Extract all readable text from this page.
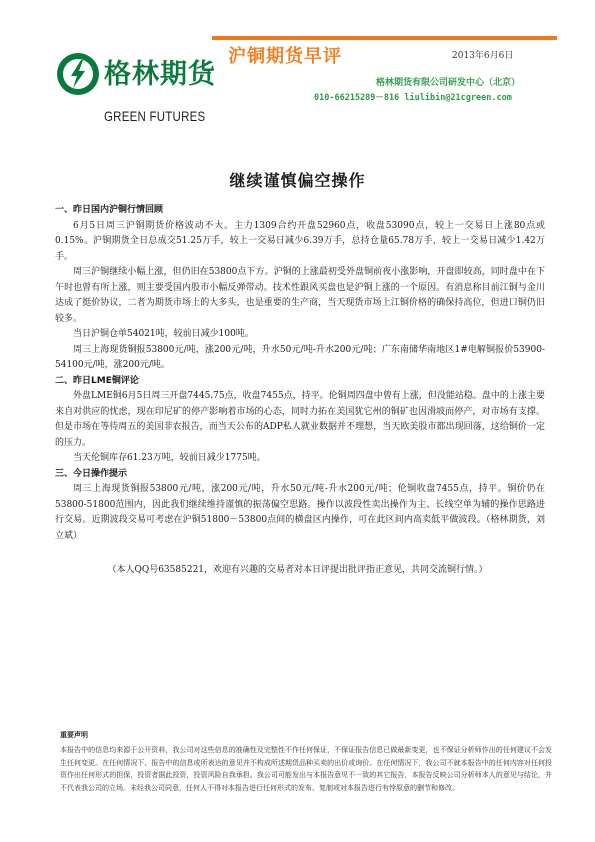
格林期货
GREEN FUTURES
沪铜期货早评	2013年6月6日
格林期货有限公司研发中心（北京）
010-66215289－816 liulibin@21cgreen.com
继续谨慎偏空操作
一、昨日国内沪铜行情回顾

6月5日周三沪铜期货价格波动不大。主力1309合约开盘52960点，收盘53090点，较上一交易日上涨80点或0.15%。沪铜期货全日总成交51.25万手，较上一交易日减少6.39万手，总持仓量65.78万手，较上一交易日减少1.42万手。

周三沪铜继续小幅上涨，但仍旧在53800点下方。沪铜的上涨最初受外盘铜前夜小涨影响，开盘即较高，同时盘中在下午时也曾有所上涨，则主要受国内股市小幅反弹带动。技术性跟风买盘也是沪铜上涨的一个原因。有消息称目前江铜与金川达成了挺价协议，二者为期货市场上的大多头，也是重要的生产商，当天现货市场上江铜价格的确保持高位，但进口铜仍旧较多。

当日沪铜仓单54021吨，较前日减少100吨。

周三上海现货铜报53800元/吨，涨200元/吨，升水50元/吨-升水200元/吨；广东南储华南地区1#电解铜报价53900-54100元/吨，涨200元/吨。

二、昨日LME铜评论

外盘LME铜6月5日周三开盘7445.75点，收盘7455点，持平。伦铜周四盘中曾有上涨，但没能站稳。盘中的上涨主要来自对供应的忧虑，现在印尼矿的停产影响着市场的心态，同时力拓在美国犹它州的铜矿也因滑坡而停产，对市场有支撑。但是市场在等待周五的美国非农报告，而当天公布的ADP私人就业数据并不理想，当天欧美股市都出现回落，这给铜价一定的压力。

当天伦铜库存61.23万吨，较前日减少1775吨。

三、今日操作提示

周三上海现货铜报53800元/吨，涨200元/吨，升水50元/吨-升水200元/吨；伦铜收盘7455点，持平。铜价仍在53800-51800范围内，因此我们继续维持谨慎的振荡偏空思路。操作以波段性卖出操作为主、长线空单为辅的操作思路进行交易。近期波段交易可考虑在沪铜51800－53800点间的横盘区内操作，可在此区间内高卖低平做波段。（格林期货，刘立斌）

（本人QQ号63585221，欢迎有兴趣的交易者对本日评提出批评指正意见，共同交流铜行情。）
重要声明

本报告中的信息均来源于公开资料，我公司对这些信息的准确性及完整性不作任何保证，不保证报告信息已做最新变更，也不保证分析师作出的任何建议不会发生任何变更。在任何情况下，报告中的信息或所表达的意见并不构成所述期货品种买卖的出价或询价。在任何情况下，我公司不就本报告中的任何内容对任何投资作出任何形式的担保，投资者据此投资，投资风险自我承担。我公司可能发出与本报告意见不一致的其它报告，本报告反映公司分析师本人的意见与结论，并不代表我公司的立场。未经我公司同意，任何人不得对本报告进行任何形式的发布、复制或对本报告进行有悖原意的删节和修改。
